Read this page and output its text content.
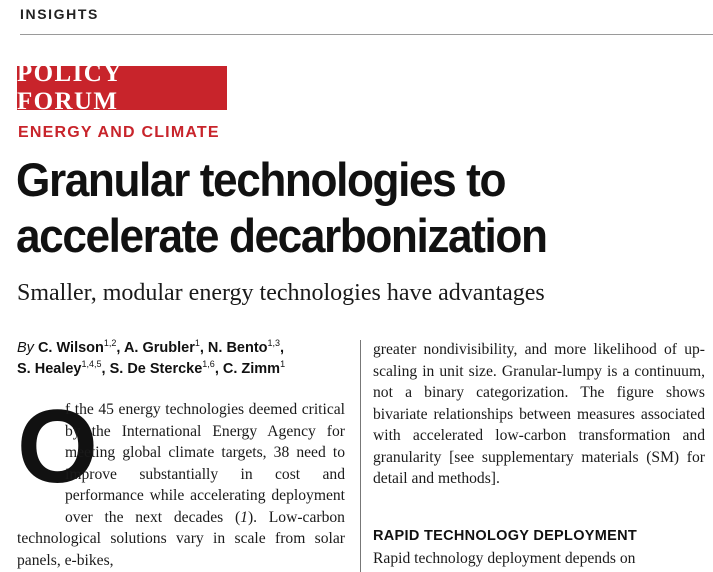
INSIGHTS
POLICY FORUM
ENERGY AND CLIMATE
Granular technologies to
accelerate decarbonization
Smaller, modular energy technologies have advantages
By C. Wilson$^{1,2}$, A. Grubler$^1$, N. Bento$^{1,3}$,
S. Healey$^{1,4,5}$, S. De Stercke$^{1,6}$, C. Zimm$^1$
O
f the 45 energy technologies deemed critical by the International Energy Agency for meeting global climate targets, 38 need to improve substantially in cost and performance while accelerating deployment over the next decades (1). Low-carbon technological solutions vary in scale from solar panels, e-bikes,
greater nondivisibility, and more likelihood of up-scaling in unit size. Granular-lumpy is a continuum, not a binary categorization. The figure shows bivariate relationships between measures associated with accelerated low-carbon transformation and granularity [see supplementary materials (SM) for detail and methods].
RAPID TECHNOLOGY DEPLOYMENT
Rapid technology deployment depends on
